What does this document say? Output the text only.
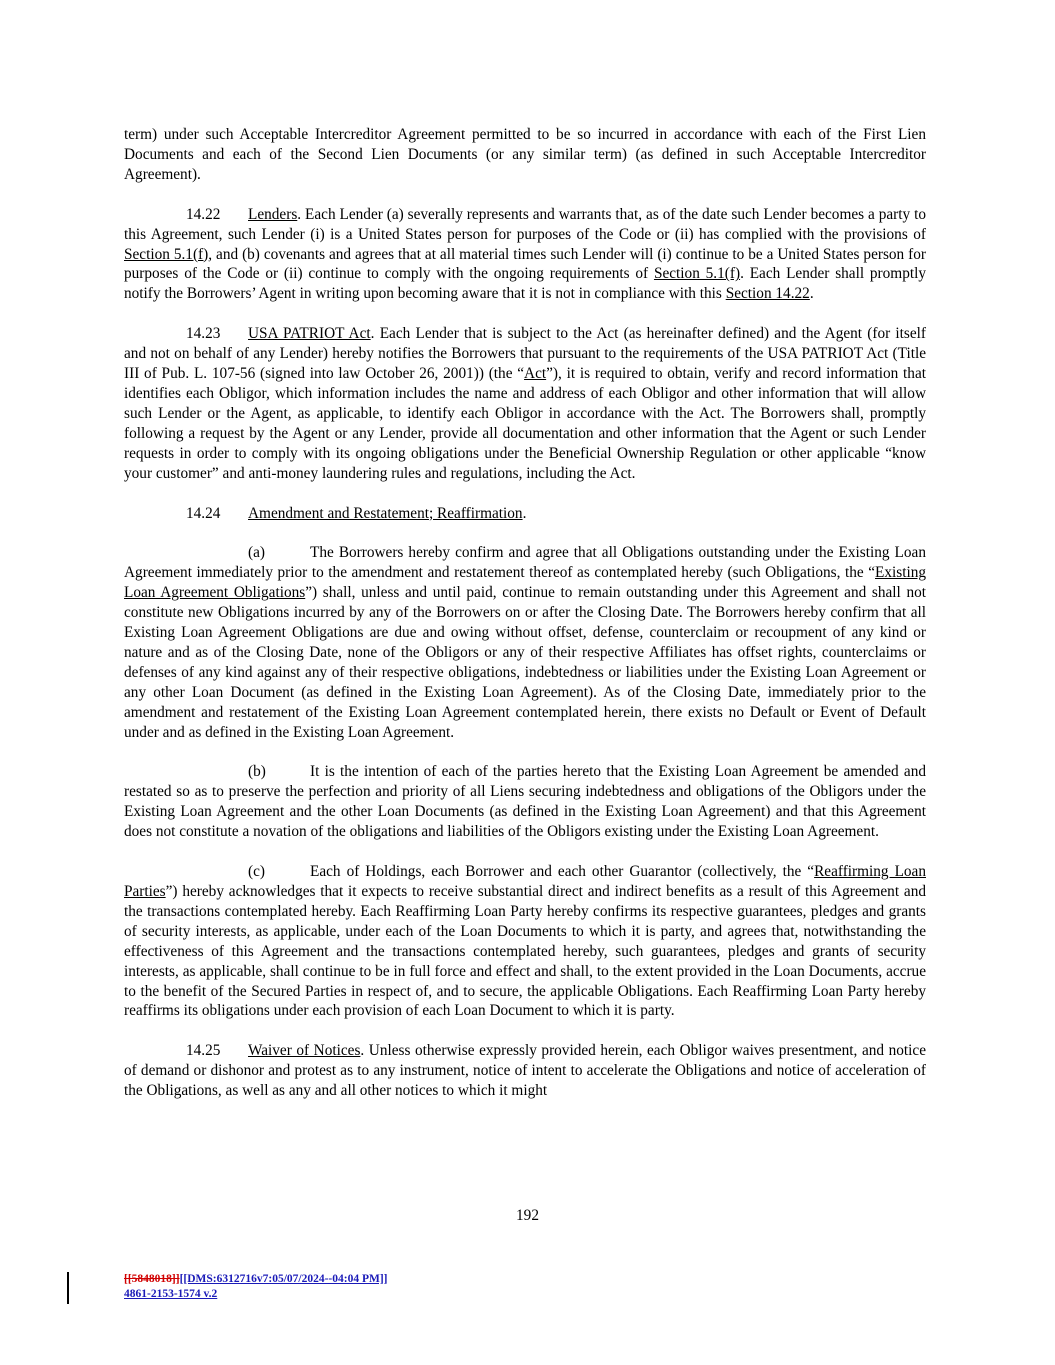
term) under such Acceptable Intercreditor Agreement permitted to be so incurred in accordance with each of the First Lien Documents and each of the Second Lien Documents (or any similar term) (as defined in such Acceptable Intercreditor Agreement).

14.22 Lenders. Each Lender (a) severally represents and warrants that, as of the date such Lender becomes a party to this Agreement, such Lender (i) is a United States person for purposes of the Code or (ii) has complied with the provisions of Section 5.1(f), and (b) covenants and agrees that at all material times such Lender will (i) continue to be a United States person for purposes of the Code or (ii) continue to comply with the ongoing requirements of Section 5.1(f). Each Lender shall promptly notify the Borrowers’ Agent in writing upon becoming aware that it is not in compliance with this Section 14.22.

14.23 USA PATRIOT Act. Each Lender that is subject to the Act (as hereinafter defined) and the Agent (for itself and not on behalf of any Lender) hereby notifies the Borrowers that pursuant to the requirements of the USA PATRIOT Act (Title III of Pub. L. 107-56 (signed into law October 26, 2001)) (the “Act”), it is required to obtain, verify and record information that identifies each Obligor, which information includes the name and address of each Obligor and other information that will allow such Lender or the Agent, as applicable, to identify each Obligor in accordance with the Act. The Borrowers shall, promptly following a request by the Agent or any Lender, provide all documentation and other information that the Agent or such Lender requests in order to comply with its ongoing obligations under the Beneficial Ownership Regulation or other applicable “know your customer” and anti-money laundering rules and regulations, including the Act.

14.24 Amendment and Restatement; Reaffirmation.

(a)	The Borrowers hereby confirm and agree that all Obligations outstanding under the Existing Loan Agreement immediately prior to the amendment and restatement thereof as contemplated hereby (such Obligations, the “Existing Loan Agreement Obligations”) shall, unless and until paid, continue to remain outstanding under this Agreement and shall not constitute new Obligations incurred by any of the Borrowers on or after the Closing Date. The Borrowers hereby confirm that all Existing Loan Agreement Obligations are due and owing without offset, defense, counterclaim or recoupment of any kind or nature and as of the Closing Date, none of the Obligors or any of their respective Affiliates has offset rights, counterclaims or defenses of any kind against any of their respective obligations, indebtedness or liabilities under the Existing Loan Agreement or any other Loan Document (as defined in the Existing Loan Agreement). As of the Closing Date, immediately prior to the amendment and restatement of the Existing Loan Agreement contemplated herein, there exists no Default or Event of Default under and as defined in the Existing Loan Agreement.

(b)	It is the intention of each of the parties hereto that the Existing Loan Agreement be amended and restated so as to preserve the perfection and priority of all Liens securing indebtedness and obligations of the Obligors under the Existing Loan Agreement and the other Loan Documents (as defined in the Existing Loan Agreement) and that this Agreement does not constitute a novation of the obligations and liabilities of the Obligors existing under the Existing Loan Agreement.

(c)	Each of Holdings, each Borrower and each other Guarantor (collectively, the “Reaffirming Loan Parties”) hereby acknowledges that it expects to receive substantial direct and indirect benefits as a result of this Agreement and the transactions contemplated hereby. Each Reaffirming Loan Party hereby confirms its respective guarantees, pledges and grants of security interests, as applicable, under each of the Loan Documents to which it is party, and agrees that, notwithstanding the effectiveness of this Agreement and the transactions contemplated hereby, such guarantees, pledges and grants of security interests, as applicable, shall continue to be in full force and effect and shall, to the extent provided in the Loan Documents, accrue to the benefit of the Secured Parties in respect of, and to secure, the applicable Obligations. Each Reaffirming Loan Party hereby reaffirms its obligations under each provision of each Loan Document to which it is party.

14.25 Waiver of Notices. Unless otherwise expressly provided herein, each Obligor waives presentment, and notice of demand or dishonor and protest as to any instrument, notice of intent to accelerate the Obligations and notice of acceleration of the Obligations, as well as any and all other notices to which it might

192
[[5848018]][[DMS:6312716v7:05/07/2024--04:04 PM]]
4861-2153-1574 v.2
